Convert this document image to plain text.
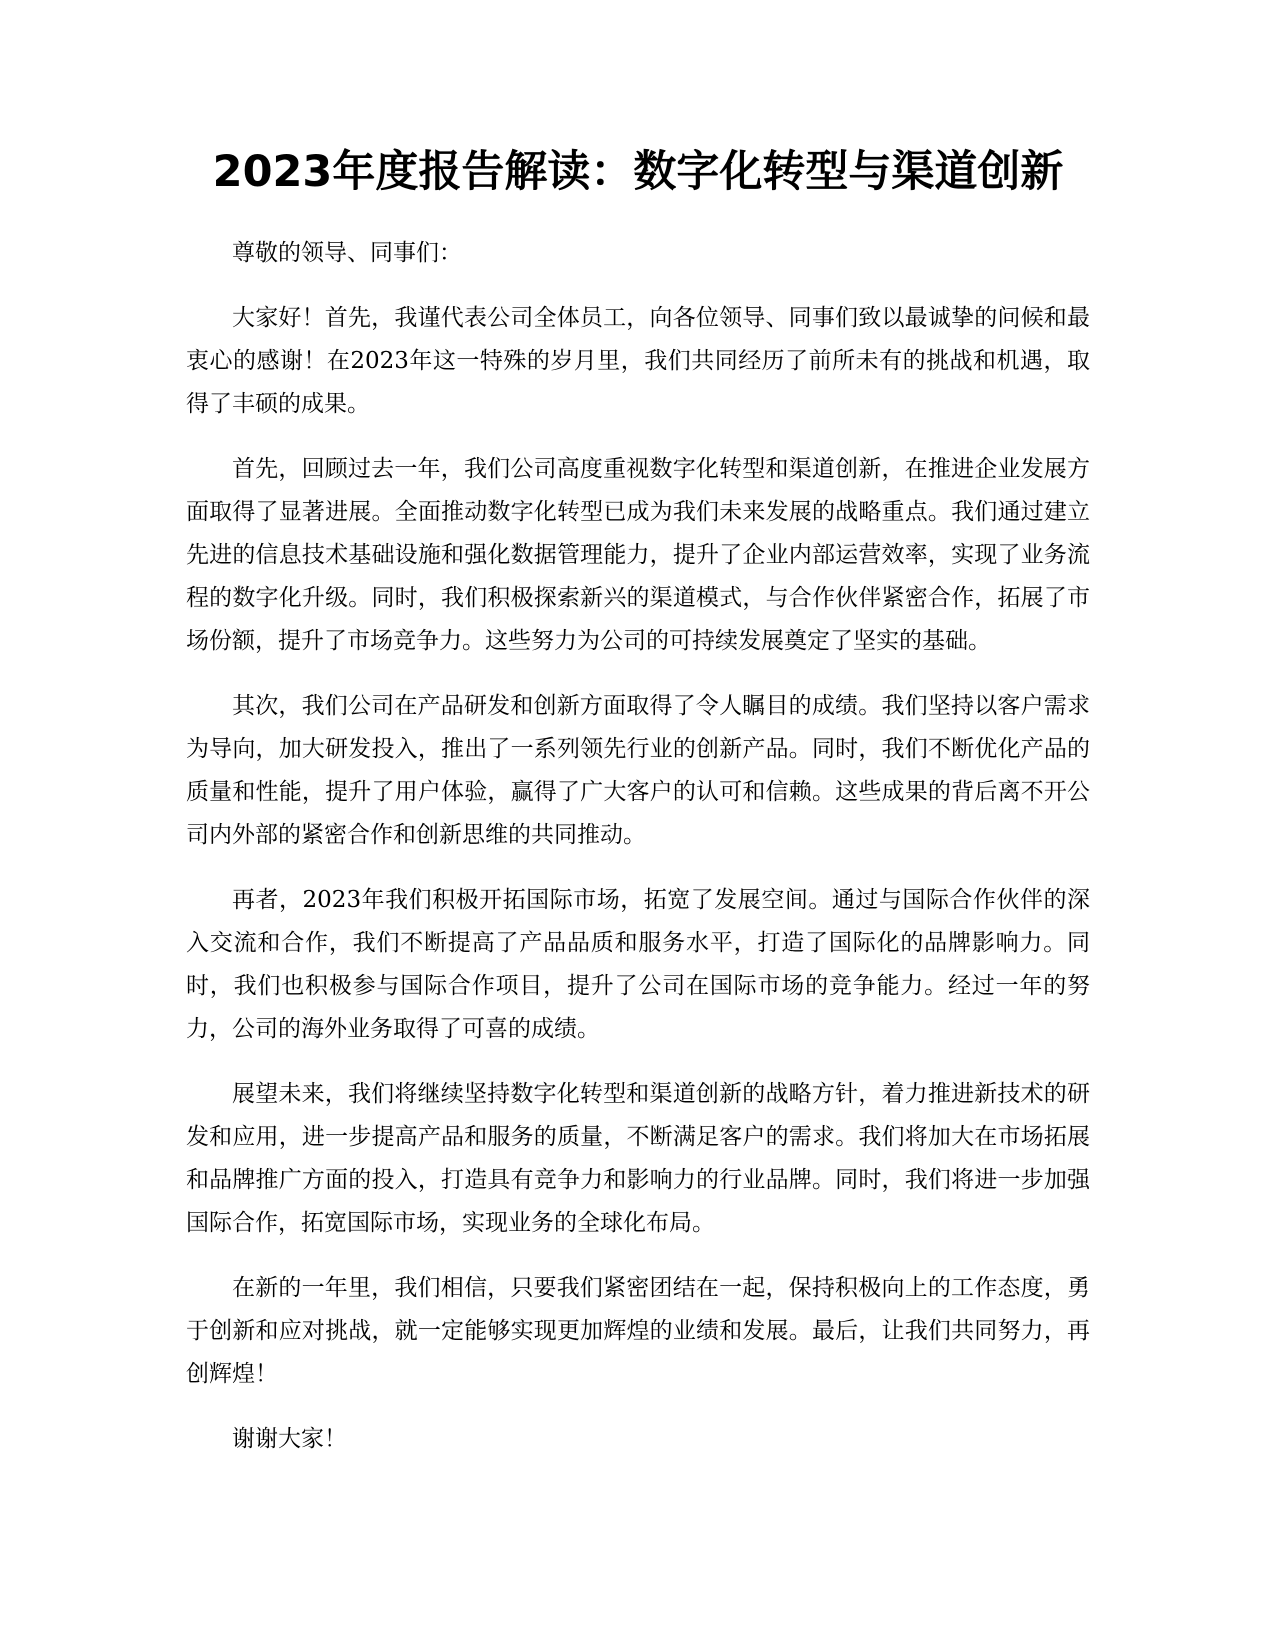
2023年度报告解读：数字化转型与渠道创新

尊敬的领导、同事们：

大家好！首先，我谨代表公司全体员工，向各位领导、同事们致以最诚挚的问候和最衷心的感谢！在2023年这一特殊的岁月里，我们共同经历了前所未有的挑战和机遇，取得了丰硕的成果。

首先，回顾过去一年，我们公司高度重视数字化转型和渠道创新，在推进企业发展方面取得了显著进展。全面推动数字化转型已成为我们未来发展的战略重点。我们通过建立先进的信息技术基础设施和强化数据管理能力，提升了企业内部运营效率，实现了业务流程的数字化升级。同时，我们积极探索新兴的渠道模式，与合作伙伴紧密合作，拓展了市场份额，提升了市场竞争力。这些努力为公司的可持续发展奠定了坚实的基础。

其次，我们公司在产品研发和创新方面取得了令人瞩目的成绩。我们坚持以客户需求为导向，加大研发投入，推出了一系列领先行业的创新产品。同时，我们不断优化产品的质量和性能，提升了用户体验，赢得了广大客户的认可和信赖。这些成果的背后离不开公司内外部的紧密合作和创新思维的共同推动。

再者，2023年我们积极开拓国际市场，拓宽了发展空间。通过与国际合作伙伴的深入交流和合作，我们不断提高了产品品质和服务水平，打造了国际化的品牌影响力。同时，我们也积极参与国际合作项目，提升了公司在国际市场的竞争能力。经过一年的努力，公司的海外业务取得了可喜的成绩。

展望未来，我们将继续坚持数字化转型和渠道创新的战略方针，着力推进新技术的研发和应用，进一步提高产品和服务的质量，不断满足客户的需求。我们将加大在市场拓展和品牌推广方面的投入，打造具有竞争力和影响力的行业品牌。同时，我们将进一步加强国际合作，拓宽国际市场，实现业务的全球化布局。

在新的一年里，我们相信，只要我们紧密团结在一起，保持积极向上的工作态度，勇于创新和应对挑战，就一定能够实现更加辉煌的业绩和发展。最后，让我们共同努力，再创辉煌！

谢谢大家！
